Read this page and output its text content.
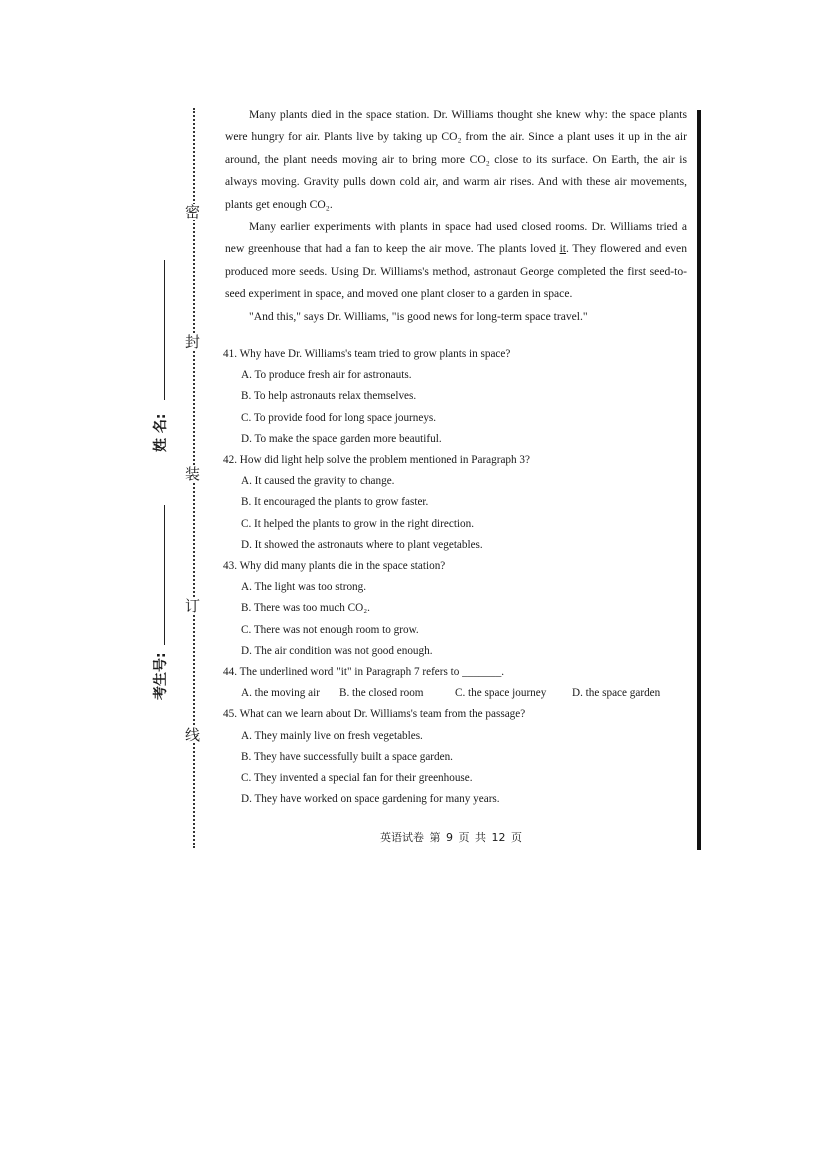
密
封
装
订
线
姓 名:
考生号:

Many plants died in the space station. Dr. Williams thought she knew why: the space plants were hungry for air. Plants live by taking up CO₂ from the air. Since a plant uses it up in the air around, the plant needs moving air to bring more CO₂ close to its surface. On Earth, the air is always moving. Gravity pulls down cold air, and warm air rises. And with these air movements, plants get enough CO₂.

Many earlier experiments with plants in space had used closed rooms. Dr. Williams tried a new greenhouse that had a fan to keep the air move. The plants loved it. They flowered and even produced more seeds. Using Dr. Williams's method, astronaut George completed the first seed-to-seed experiment in space, and moved one plant closer to a garden in space.

"And this," says Dr. Williams, "is good news for long-term space travel."

41. Why have Dr. Williams's team tried to grow plants in space?

A. To produce fresh air for astronauts.

B. To help astronauts relax themselves.

C. To provide food for long space journeys.

D. To make the space garden more beautiful.

42. How did light help solve the problem mentioned in Paragraph 3?

A. It caused the gravity to change.

B. It encouraged the plants to grow faster.

C. It helped the plants to grow in the right direction.

D. It showed the astronauts where to plant vegetables.

43. Why did many plants die in the space station?

A. The light was too strong.

B. There was too much CO₂.

C. There was not enough room to grow.

D. The air condition was not good enough.

44. The underlined word "it" in Paragraph 7 refers to _______.

A. the moving air	B. the closed room	C. the space journey	D. the space garden

45. What can we learn about Dr. Williams's team from the passage?

A. They mainly live on fresh vegetables.

B. They have successfully built a space garden.

C. They invented a special fan for their greenhouse.

D. They have worked on space gardening for many years.

英语试卷 第 9 页 共 12 页
